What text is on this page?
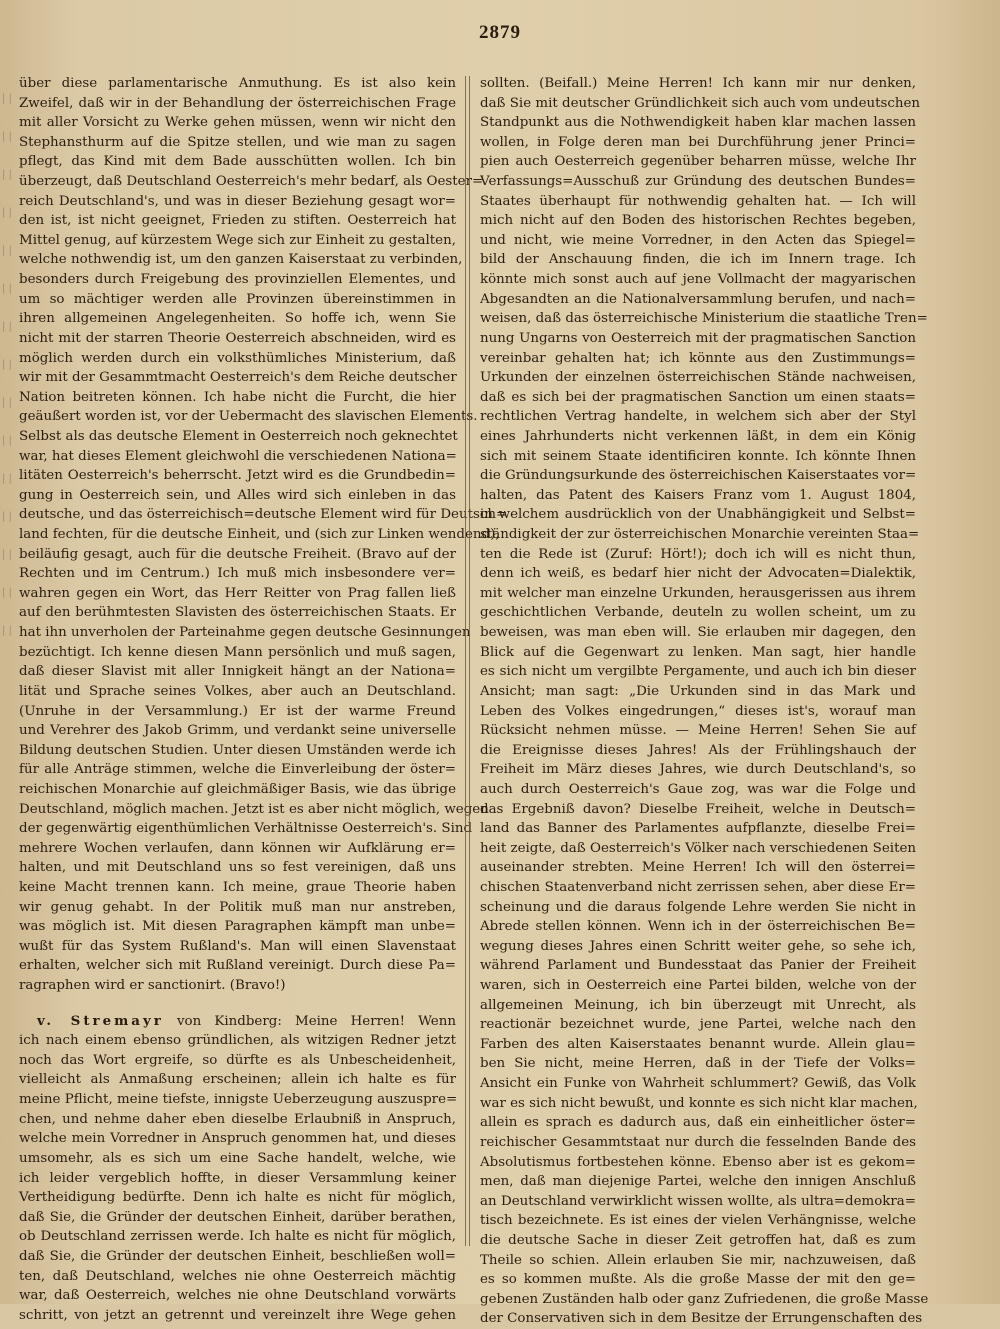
2879
| | | | | | | | | | | | | | | | | | | | | | | | | | | | | |
über diese parlamentarische Anmuthung. Es ist also kein
Zweifel, daß wir in der Behandlung der österreichischen Frage
mit aller Vorsicht zu Werke gehen müssen, wenn wir nicht den
Stephansthurm auf die Spitze stellen, und wie man zu sagen
pflegt, das Kind mit dem Bade ausschütten wollen. Ich bin
überzeugt, daß Deutschland Oesterreich's mehr bedarf, als Oester=
reich Deutschland's, und was in dieser Beziehung gesagt wor=
den ist, ist nicht geeignet, Frieden zu stiften. Oesterreich hat
Mittel genug, auf kürzestem Wege sich zur Einheit zu gestalten,
welche nothwendig ist, um den ganzen Kaiserstaat zu verbinden,
besonders durch Freigebung des provinziellen Elementes, und
um so mächtiger werden alle Provinzen übereinstimmen in
ihren allgemeinen Angelegenheiten. So hoffe ich, wenn Sie
nicht mit der starren Theorie Oesterreich abschneiden, wird es
möglich werden durch ein volksthümliches Ministerium, daß
wir mit der Gesammtmacht Oesterreich's dem Reiche deutscher
Nation beitreten können. Ich habe nicht die Furcht, die hier
geäußert worden ist, vor der Uebermacht des slavischen Elements.
Selbst als das deutsche Element in Oesterreich noch geknechtet
war, hat dieses Element gleichwohl die verschiedenen Nationa=
litäten Oesterreich's beherrscht. Jetzt wird es die Grundbedin=
gung in Oesterreich sein, und Alles wird sich einleben in das
deutsche, und das österreichisch=deutsche Element wird für Deutsch=
land fechten, für die deutsche Einheit, und (sich zur Linken wendend),
beiläufig gesagt, auch für die deutsche Freiheit. (Bravo auf der
Rechten und im Centrum.) Ich muß mich insbesondere ver=
wahren gegen ein Wort, das Herr Reitter von Prag fallen ließ
auf den berühmtesten Slavisten des österreichischen Staats. Er
hat ihn unverholen der Parteinahme gegen deutsche Gesinnungen
bezüchtigt. Ich kenne diesen Mann persönlich und muß sagen,
daß dieser Slavist mit aller Innigkeit hängt an der Nationa=
lität und Sprache seines Volkes, aber auch an Deutschland.
(Unruhe in der Versammlung.) Er ist der warme Freund
und Verehrer des Jakob Grimm, und verdankt seine universelle
Bildung deutschen Studien. Unter diesen Umständen werde ich
für alle Anträge stimmen, welche die Einverleibung der öster=
reichischen Monarchie auf gleichmäßiger Basis, wie das übrige
Deutschland, möglich machen. Jetzt ist es aber nicht möglich, wegen
der gegenwärtig eigenthümlichen Verhältnisse Oesterreich's. Sind
mehrere Wochen verlaufen, dann können wir Aufklärung er=
halten, und mit Deutschland uns so fest vereinigen, daß uns
keine Macht trennen kann. Ich meine, graue Theorie haben
wir genug gehabt. In der Politik muß man nur anstreben,
was möglich ist. Mit diesen Paragraphen kämpft man unbe=
wußt für das System Rußland's. Man will einen Slavenstaat
erhalten, welcher sich mit Rußland vereinigt. Durch diese Pa=
ragraphen wird er sanctionirt. (Bravo!)
v. Stremayr von Kindberg: Meine Herren! Wenn
ich nach einem ebenso gründlichen, als witzigen Redner jetzt
noch das Wort ergreife, so dürfte es als Unbescheidenheit,
vielleicht als Anmaßung erscheinen; allein ich halte es für
meine Pflicht, meine tiefste, innigste Ueberzeugung auszuspre=
chen, und nehme daher eben dieselbe Erlaubniß in Anspruch,
welche mein Vorredner in Anspruch genommen hat, und dieses
umsomehr, als es sich um eine Sache handelt, welche, wie
ich leider vergeblich hoffte, in dieser Versammlung keiner
Vertheidigung bedürfte. Denn ich halte es nicht für möglich,
daß Sie, die Gründer der deutschen Einheit, darüber berathen,
ob Deutschland zerrissen werde. Ich halte es nicht für möglich,
daß Sie, die Gründer der deutschen Einheit, beschließen woll=
ten, daß Deutschland, welches nie ohne Oesterreich mächtig
war, daß Oesterreich, welches nie ohne Deutschland vorwärts
schritt, von jetzt an getrennt und vereinzelt ihre Wege gehen
sollten. (Beifall.) Meine Herren! Ich kann mir nur denken,
daß Sie mit deutscher Gründlichkeit sich auch vom undeutschen
Standpunkt aus die Nothwendigkeit haben klar machen lassen
wollen, in Folge deren man bei Durchführung jener Princi=
pien auch Oesterreich gegenüber beharren müsse, welche Ihr
Verfassungs=Ausschuß zur Gründung des deutschen Bundes=
Staates überhaupt für nothwendig gehalten hat. — Ich will
mich nicht auf den Boden des historischen Rechtes begeben,
und nicht, wie meine Vorredner, in den Acten das Spiegel=
bild der Anschauung finden, die ich im Innern trage. Ich
könnte mich sonst auch auf jene Vollmacht der magyarischen
Abgesandten an die Nationalversammlung berufen, und nach=
weisen, daß das österreichische Ministerium die staatliche Tren=
nung Ungarns von Oesterreich mit der pragmatischen Sanction
vereinbar gehalten hat; ich könnte aus den Zustimmungs=
Urkunden der einzelnen österreichischen Stände nachweisen,
daß es sich bei der pragmatischen Sanction um einen staats=
rechtlichen Vertrag handelte, in welchem sich aber der Styl
eines Jahrhunderts nicht verkennen läßt, in dem ein König
sich mit seinem Staate identificiren konnte. Ich könnte Ihnen
die Gründungsurkunde des österreichischen Kaiserstaates vor=
halten, das Patent des Kaisers Franz vom 1. August 1804,
in welchem ausdrücklich von der Unabhängigkeit und Selbst=
ständigkeit der zur österreichischen Monarchie vereinten Staa=
ten die Rede ist (Zuruf: Hört!); doch ich will es nicht thun,
denn ich weiß, es bedarf hier nicht der Advocaten=Dialektik,
mit welcher man einzelne Urkunden, herausgerissen aus ihrem
geschichtlichen Verbande, deuteln zu wollen scheint, um zu
beweisen, was man eben will. Sie erlauben mir dagegen, den
Blick auf die Gegenwart zu lenken. Man sagt, hier handle
es sich nicht um vergilbte Pergamente, und auch ich bin dieser
Ansicht; man sagt: „Die Urkunden sind in das Mark und
Leben des Volkes eingedrungen,“ dieses ist's, worauf man
Rücksicht nehmen müsse. — Meine Herren! Sehen Sie auf
die Ereignisse dieses Jahres! Als der Frühlingshauch der
Freiheit im März dieses Jahres, wie durch Deutschland's, so
auch durch Oesterreich's Gaue zog, was war die Folge und
das Ergebniß davon? Dieselbe Freiheit, welche in Deutsch=
land das Banner des Parlamentes aufpflanzte, dieselbe Frei=
heit zeigte, daß Oesterreich's Völker nach verschiedenen Seiten
auseinander strebten. Meine Herren! Ich will den österrei=
chischen Staatenverband nicht zerrissen sehen, aber diese Er=
scheinung und die daraus folgende Lehre werden Sie nicht in
Abrede stellen können. Wenn ich in der österreichischen Be=
wegung dieses Jahres einen Schritt weiter gehe, so sehe ich,
während Parlament und Bundesstaat das Panier der Freiheit
waren, sich in Oesterreich eine Partei bilden, welche von der
allgemeinen Meinung, ich bin überzeugt mit Unrecht, als
reactionär bezeichnet wurde, jene Partei, welche nach den
Farben des alten Kaiserstaates benannt wurde. Allein glau=
ben Sie nicht, meine Herren, daß in der Tiefe der Volks=
Ansicht ein Funke von Wahrheit schlummert? Gewiß, das Volk
war es sich nicht bewußt, und konnte es sich nicht klar machen,
allein es sprach es dadurch aus, daß ein einheitlicher öster=
reichischer Gesammtstaat nur durch die fesselnden Bande des
Absolutismus fortbestehen könne. Ebenso aber ist es gekom=
men, daß man diejenige Partei, welche den innigen Anschluß
an Deutschland verwirklicht wissen wollte, als ultra=demokra=
tisch bezeichnete. Es ist eines der vielen Verhängnisse, welche
die deutsche Sache in dieser Zeit getroffen hat, daß es zum
Theile so schien. Allein erlauben Sie mir, nachzuweisen, daß
es so kommen mußte. Als die große Masse der mit den ge=
gebenen Zuständen halb oder ganz Zufriedenen, die große Masse
der Conservativen sich in dem Besitze der Errungenschaften des
